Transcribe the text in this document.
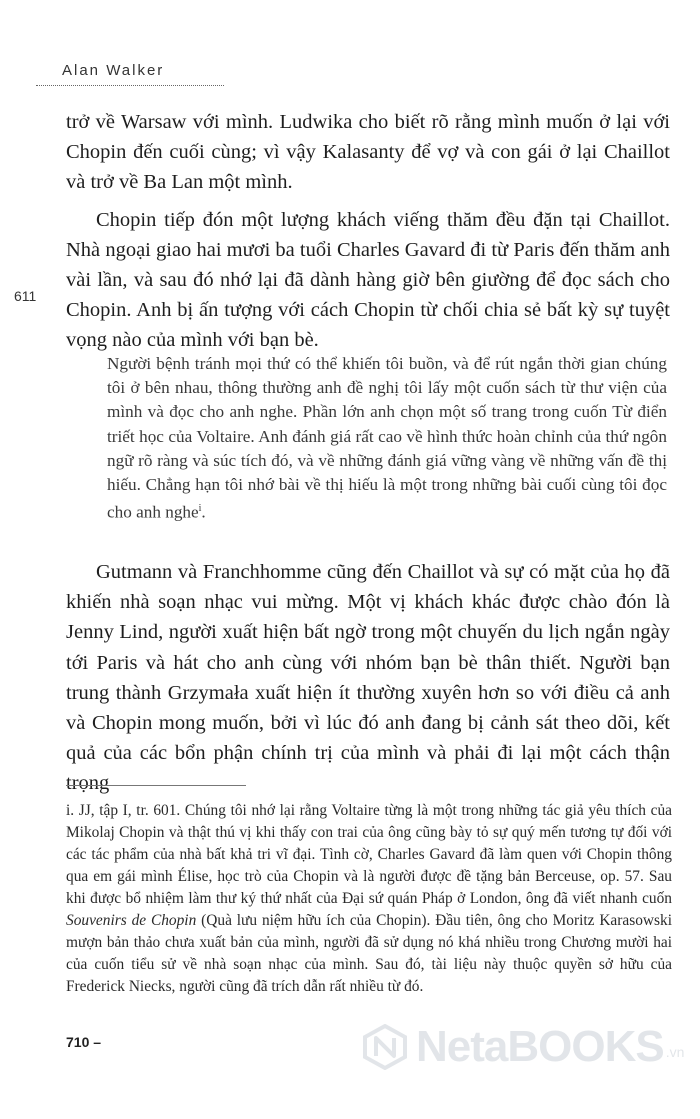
Alan Walker
611

trở về Warsaw với mình. Ludwika cho biết rõ rằng mình muốn ở lại với Chopin đến cuối cùng; vì vậy Kalasanty để vợ và con gái ở lại Chaillot và trở về Ba Lan một mình.

Chopin tiếp đón một lượng khách viếng thăm đều đặn tại Chaillot. Nhà ngoại giao hai mươi ba tuổi Charles Gavard đi từ Paris đến thăm anh vài lần, và sau đó nhớ lại đã dành hàng giờ bên giường để đọc sách cho Chopin. Anh bị ấn tượng với cách Chopin từ chối chia sẻ bất kỳ sự tuyệt vọng nào của mình với bạn bè.

Người bệnh tránh mọi thứ có thể khiến tôi buồn, và để rút ngắn thời gian chúng tôi ở bên nhau, thông thường anh đề nghị tôi lấy một cuốn sách từ thư viện của mình và đọc cho anh nghe. Phần lớn anh chọn một số trang trong cuốn Từ điển triết học của Voltaire. Anh đánh giá rất cao về hình thức hoàn chỉnh của thứ ngôn ngữ rõ ràng và súc tích đó, và về những đánh giá vững vàng về những vấn đề thị hiếu. Chẳng hạn tôi nhớ bài về thị hiếu là một trong những bài cuối cùng tôi đọc cho anh nghe$^i$.

Gutmann và Franchhomme cũng đến Chaillot và sự có mặt của họ đã khiến nhà soạn nhạc vui mừng. Một vị khách khác được chào đón là Jenny Lind, người xuất hiện bất ngờ trong một chuyến du lịch ngắn ngày tới Paris và hát cho anh cùng với nhóm bạn bè thân thiết. Người bạn trung thành Grzymała xuất hiện ít thường xuyên hơn so với điều cả anh và Chopin mong muốn, bởi vì lúc đó anh đang bị cảnh sát theo dõi, kết quả của các bổn phận chính trị của mình và phải đi lại một cách thận trọng

i. JJ, tập I, tr. 601. Chúng tôi nhớ lại rằng Voltaire từng là một trong những tác giả yêu thích của Mikolaj Chopin và thật thú vị khi thấy con trai của ông cũng bày tỏ sự quý mến tương tự đối với các tác phẩm của nhà bất khả tri vĩ đại. Tình cờ, Charles Gavard đã làm quen với Chopin thông qua em gái mình Élise, học trò của Chopin và là người được đề tặng bản Berceuse, op. 57. Sau khi được bổ nhiệm làm thư ký thứ nhất của Đại sứ quán Pháp ở London, ông đã viết nhanh cuốn Souvenirs de Chopin (Quà lưu niệm hữu ích của Chopin). Đầu tiên, ông cho Moritz Karasowski mượn bản thảo chưa xuất bản của mình, người đã sử dụng nó khá nhiều trong Chương mười hai của cuốn tiểu sử về nhà soạn nhạc của mình. Sau đó, tài liệu này thuộc quyền sở hữu của Frederick Niecks, người cũng đã trích dẫn rất nhiều từ đó.

710 –	NetaBOOKS .vn
